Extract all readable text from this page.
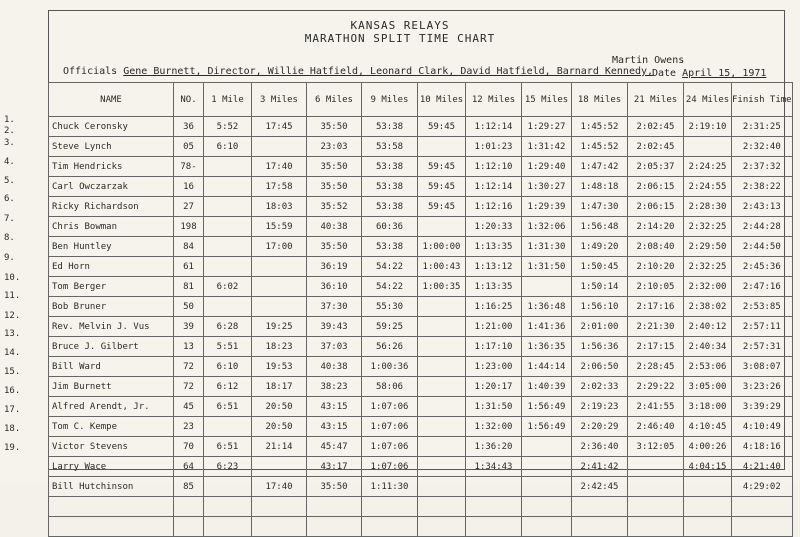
KANSAS RELAYS
MARATHON SPLIT TIME CHART
Martin Owens
Officials Gene Burnett, Director, Willie Hatfield, Leonard Clark, David Hatfield, Barnard Kennedy,
Date April 15, 1971
NAME	NO.	1 Mile	3 Miles	6 Miles	9 Miles	10 Miles	12 Miles	15 Miles	18 Miles	21 Miles	24 Miles	Finish Time
Chuck Ceronsky	36	5:52	17:45	35:50	53:38	59:45	1:12:14	1:29:27	1:45:52	2:02:45	2:19:10	2:31:25
Steve Lynch	05	6:10		23:03	53:58		1:01:23	1:31:42	1:45:52	2:02:45		2:32:40
Tim Hendricks	78-		17:40	35:50	53:38	59:45	1:12:10	1:29:40	1:47:42	2:05:37	2:24:25	2:37:32
Carl Owczarzak	16		17:58	35:50	53:38	59:45	1:12:14	1:30:27	1:48:18	2:06:15	2:24:55	2:38:22
Ricky Richardson	27		18:03	35:52	53:38	59:45	1:12:16	1:29:39	1:47:30	2:06:15	2:28:30	2:43:13
Chris Bowman	198		15:59	40:38	60:36		1:20:33	1:32:06	1:56:48	2:14:20	2:32:25	2:44:28
Ben Huntley	84		17:00	35:50	53:38	1:00:00	1:13:35	1:31:30	1:49:20	2:08:40	2:29:50	2:44:50
Ed Horn	61			36:19	54:22	1:00:43	1:13:12	1:31:50	1:50:45	2:10:20	2:32:25	2:45:36
Tom Berger	81	6:02		36:10	54:22	1:00:35	1:13:35		1:50:14	2:10:05	2:32:00	2:47:16
Bob Bruner	50			37:30	55:30		1:16:25	1:36:48	1:56:10	2:17:16	2:38:02	2:53:85
Rev. Melvin J. Vus	39	6:28	19:25	39:43	59:25		1:21:00	1:41:36	2:01:00	2:21:30	2:40:12	2:57:11
Bruce J. Gilbert	13	5:51	18:23	37:03	56:26		1:17:10	1:36:35	1:56:36	2:17:15	2:40:34	2:57:31
Bill Ward	72	6:10	19:53	40:38	1:00:36		1:23:00	1:44:14	2:06:50	2:28:45	2:53:06	3:08:07
Jim Burnett	72	6:12	18:17	38:23	58:06		1:20:17	1:40:39	2:02:33	2:29:22	3:05:00	3:23:26
Alfred Arendt, Jr.	45	6:51	20:50	43:15	1:07:06		1:31:50	1:56:49	2:19:23	2:41:55	3:18:00	3:39:29
Tom C. Kempe	23		20:50	43:15	1:07:06		1:32:00	1:56:49	2:20:29	2:46:40	4:10:45	4:10:49
Victor Stevens	70	6:51	21:14	45:47	1:07:06		1:36:20		2:36:40	3:12:05	4:00:26	4:18:16
Larry Wace	64	6:23		43:17	1:07:06		1:34:43		2:41:42		4:04:15	4:21:40
Bill Hutchinson	85		17:40	35:50	1:11:30				2:42:45			4:29:02

1.
2.
3.
4.
5.
6.
7.
8.
9.
10.
11.
12.
13.
14.
15.
16.
17.
18.
19.
